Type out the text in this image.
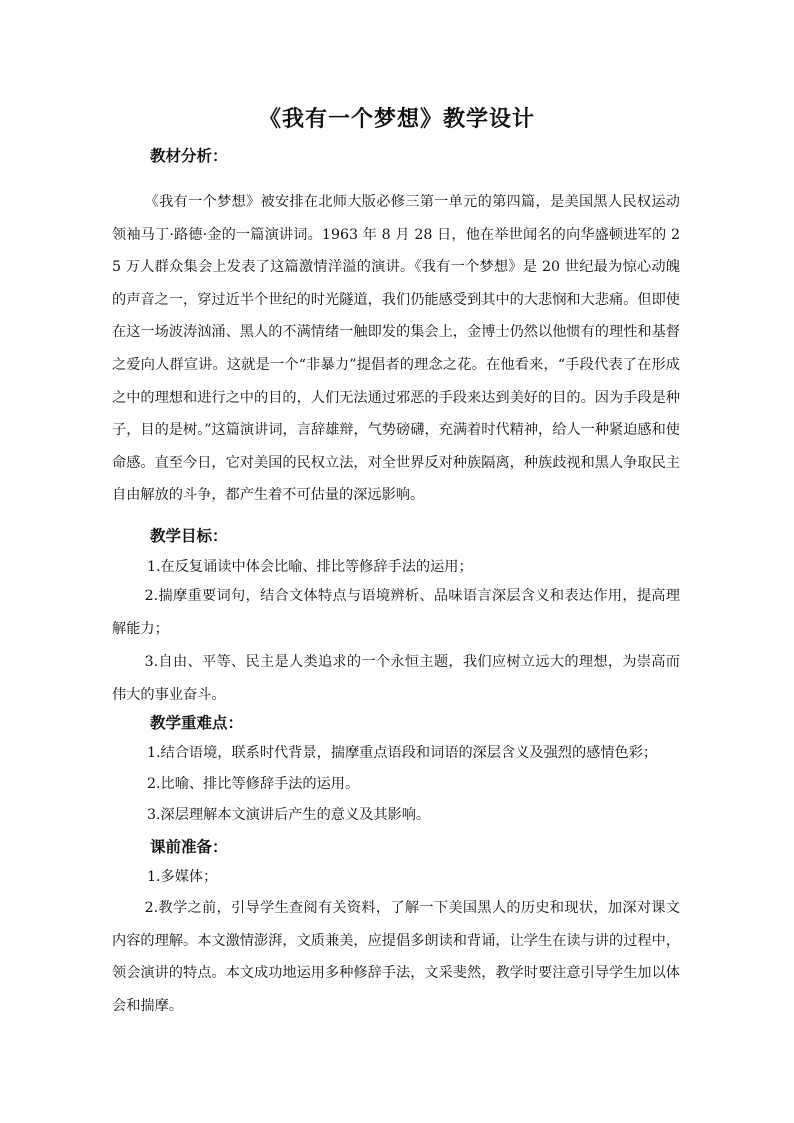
《我有一个梦想》教学设计
教材分析：
《我有一个梦想》被安排在北师大版必修三第一单元的第四篇，是美国黑人民权运动领袖马丁·路德·金的一篇演讲词。1963 年 8 月 28 日，他在举世闻名的向华盛顿进军的 25 万人群众集会上发表了这篇激情洋溢的演讲。《我有一个梦想》是 20 世纪最为惊心动魄的声音之一，穿过近半个世纪的时光隧道，我们仍能感受到其中的大悲悯和大悲痛。但即使在这一场波涛汹涌、黑人的不满情绪一触即发的集会上，金博士仍然以他惯有的理性和基督之爱向人群宣讲。这就是一个“非暴力”提倡者的理念之花。在他看来，“手段代表了在形成之中的理想和进行之中的目的，人们无法通过邪恶的手段来达到美好的目的。因为手段是种子，目的是树。”这篇演讲词，言辞雄辩，气势磅礴，充满着时代精神，给人一种紧迫感和使命感。直至今日，它对美国的民权立法，对全世界反对种族隔离，种族歧视和黑人争取民主自由解放的斗争，都产生着不可估量的深远影响。
教学目标：
1.在反复诵读中体会比喻、排比等修辞手法的运用；
2.揣摩重要词句，结合文体特点与语境辨析、品味语言深层含义和表达作用，提高理解能力；
3.自由、平等、民主是人类追求的一个永恒主题，我们应树立远大的理想，为崇高而伟大的事业奋斗。
教学重难点：
1.结合语境，联系时代背景，揣摩重点语段和词语的深层含义及强烈的感情色彩；
2.比喻、排比等修辞手法的运用。
3.深层理解本文演讲后产生的意义及其影响。
课前准备：
1.多媒体；
2.教学之前，引导学生查阅有关资料，了解一下美国黑人的历史和现状，加深对课文内容的理解。本文激情澎湃，文质兼美，应提倡多朗读和背诵，让学生在读与讲的过程中，领会演讲的特点。本文成功地运用多种修辞手法，文采斐然，教学时要注意引导学生加以体会和揣摩。
